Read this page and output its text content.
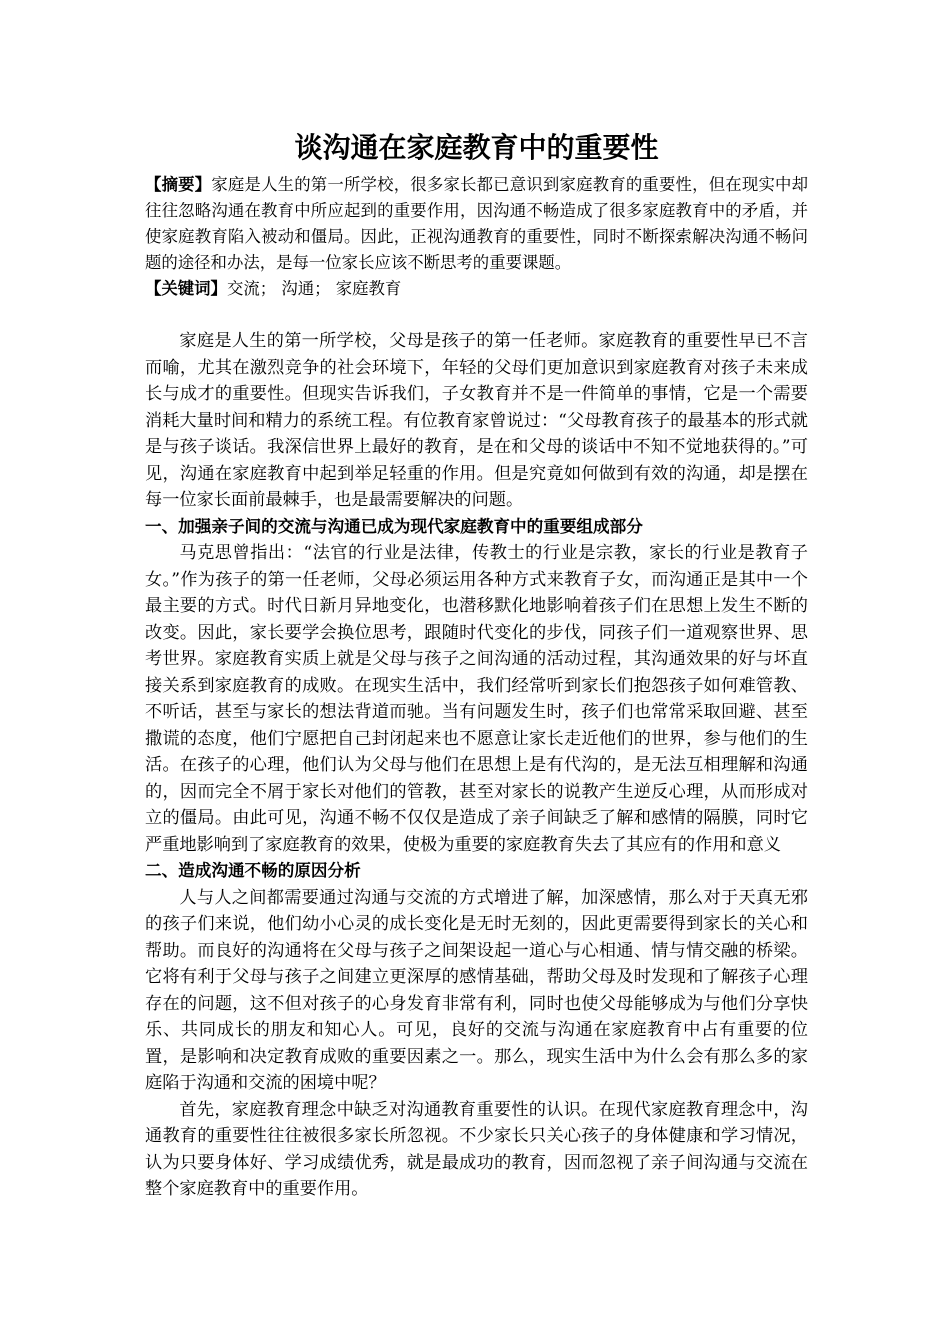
谈沟通在家庭教育中的重要性

【摘要】家庭是人生的第一所学校，很多家长都已意识到家庭教育的重要性，但在现实中却往往忽略沟通在教育中所应起到的重要作用，因沟通不畅造成了很多家庭教育中的矛盾，并使家庭教育陷入被动和僵局。因此，正视沟通教育的重要性，同时不断探索解决沟通不畅问题的途径和办法，是每一位家长应该不断思考的重要课题。

【关键词】交流； 沟通； 家庭教育

家庭是人生的第一所学校，父母是孩子的第一任老师。家庭教育的重要性早已不言而喻，尤其在激烈竞争的社会环境下，年轻的父母们更加意识到家庭教育对孩子未来成长与成才的重要性。但现实告诉我们，子女教育并不是一件简单的事情，它是一个需要消耗大量时间和精力的系统工程。有位教育家曾说过：“父母教育孩子的最基本的形式就是与孩子谈话。我深信世界上最好的教育，是在和父母的谈话中不知不觉地获得的。”可见，沟通在家庭教育中起到举足轻重的作用。但是究竟如何做到有效的沟通，却是摆在每一位家长面前最棘手，也是最需要解决的问题。

一、加强亲子间的交流与沟通已成为现代家庭教育中的重要组成部分

马克思曾指出：“法官的行业是法律，传教士的行业是宗教，家长的行业是教育子女。”作为孩子的第一任老师，父母必须运用各种方式来教育子女，而沟通正是其中一个最主要的方式。时代日新月异地变化，也潜移默化地影响着孩子们在思想上发生不断的改变。因此，家长要学会换位思考，跟随时代变化的步伐，同孩子们一道观察世界、思考世界。家庭教育实质上就是父母与孩子之间沟通的活动过程，其沟通效果的好与坏直接关系到家庭教育的成败。在现实生活中，我们经常听到家长们抱怨孩子如何难管教、不听话，甚至与家长的想法背道而驰。当有问题发生时，孩子们也常常采取回避、甚至撒谎的态度，他们宁愿把自己封闭起来也不愿意让家长走近他们的世界，参与他们的生活。在孩子的心理，他们认为父母与他们在思想上是有代沟的，是无法互相理解和沟通的，因而完全不屑于家长对他们的管教，甚至对家长的说教产生逆反心理，从而形成对立的僵局。由此可见，沟通不畅不仅仅是造成了亲子间缺乏了解和感情的隔膜，同时它严重地影响到了家庭教育的效果，使极为重要的家庭教育失去了其应有的作用和意义

二、造成沟通不畅的原因分析

人与人之间都需要通过沟通与交流的方式增进了解，加深感情，那么对于天真无邪的孩子们来说，他们幼小心灵的成长变化是无时无刻的，因此更需要得到家长的关心和帮助。而良好的沟通将在父母与孩子之间架设起一道心与心相通、情与情交融的桥梁。它将有利于父母与孩子之间建立更深厚的感情基础，帮助父母及时发现和了解孩子心理存在的问题，这不但对孩子的心身发育非常有利，同时也使父母能够成为与他们分享快乐、共同成长的朋友和知心人。可见，良好的交流与沟通在家庭教育中占有重要的位置，是影响和决定教育成败的重要因素之一。那么，现实生活中为什么会有那么多的家庭陷于沟通和交流的困境中呢？

首先，家庭教育理念中缺乏对沟通教育重要性的认识。在现代家庭教育理念中，沟通教育的重要性往往被很多家长所忽视。不少家长只关心孩子的身体健康和学习情况，认为只要身体好、学习成绩优秀，就是最成功的教育，因而忽视了亲子间沟通与交流在整个家庭教育中的重要作用。
